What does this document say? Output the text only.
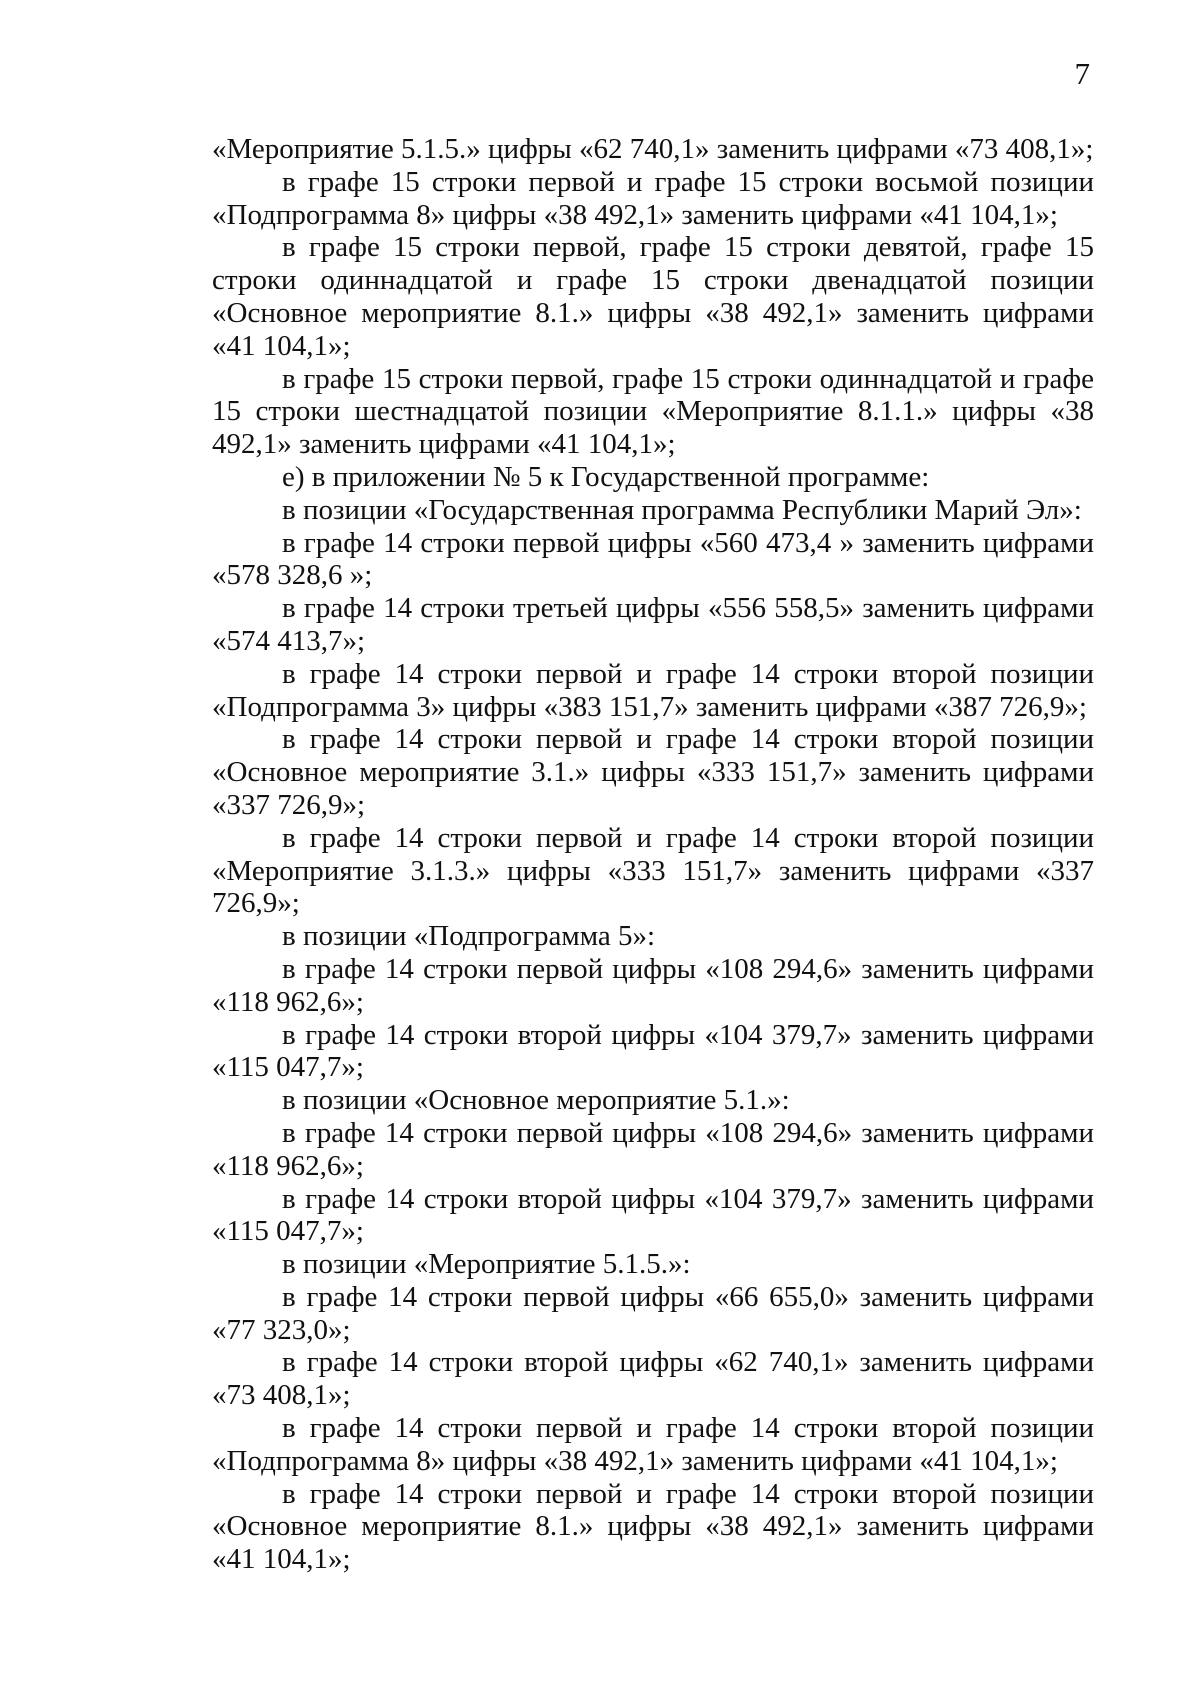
7

«Мероприятие 5.1.5.» цифры «62 740,1» заменить цифрами «73 408,1»;

в графе 15 строки первой и графе 15 строки восьмой позиции «Подпрограмма 8» цифры «38 492,1» заменить цифрами «41 104,1»;

в графе 15 строки первой, графе 15 строки девятой, графе 15 строки одиннадцатой и графе 15 строки двенадцатой позиции «Основное мероприятие 8.1.» цифры «38 492,1» заменить цифрами «41 104,1»;

в графе 15 строки первой, графе 15 строки одиннадцатой и графе 15 строки шестнадцатой позиции «Мероприятие 8.1.1.» цифры «38 492,1» заменить цифрами «41 104,1»;

е) в приложении № 5 к Государственной программе:

в позиции «Государственная программа Республики Марий Эл»:

в графе 14 строки первой цифры «560 473,4 » заменить цифрами «578 328,6 »;

в графе 14 строки третьей цифры «556 558,5» заменить цифрами «574 413,7»;

в графе 14 строки первой и графе 14 строки второй позиции «Подпрограмма 3» цифры «383 151,7» заменить цифрами «387 726,9»;

в графе 14 строки первой и графе 14 строки второй позиции «Основное мероприятие 3.1.» цифры «333 151,7» заменить цифрами «337 726,9»;

в графе 14 строки первой и графе 14 строки второй позиции «Мероприятие 3.1.3.» цифры «333 151,7» заменить цифрами «337 726,9»;

в позиции «Подпрограмма 5»:

в графе 14 строки первой цифры «108 294,6» заменить цифрами «118 962,6»;

в графе 14 строки второй цифры «104 379,7» заменить цифрами «115 047,7»;

в позиции «Основное мероприятие 5.1.»:

в графе 14 строки первой цифры «108 294,6» заменить цифрами «118 962,6»;

в графе 14 строки второй цифры «104 379,7» заменить цифрами «115 047,7»;

в позиции «Мероприятие 5.1.5.»:

в графе 14 строки первой цифры «66 655,0» заменить цифрами «77 323,0»;

в графе 14 строки второй цифры «62 740,1» заменить цифрами «73 408,1»;

в графе 14 строки первой и графе 14 строки второй позиции «Подпрограмма 8» цифры «38 492,1» заменить цифрами «41 104,1»;

в графе 14 строки первой и графе 14 строки второй позиции «Основное мероприятие 8.1.» цифры «38 492,1» заменить цифрами «41 104,1»;
